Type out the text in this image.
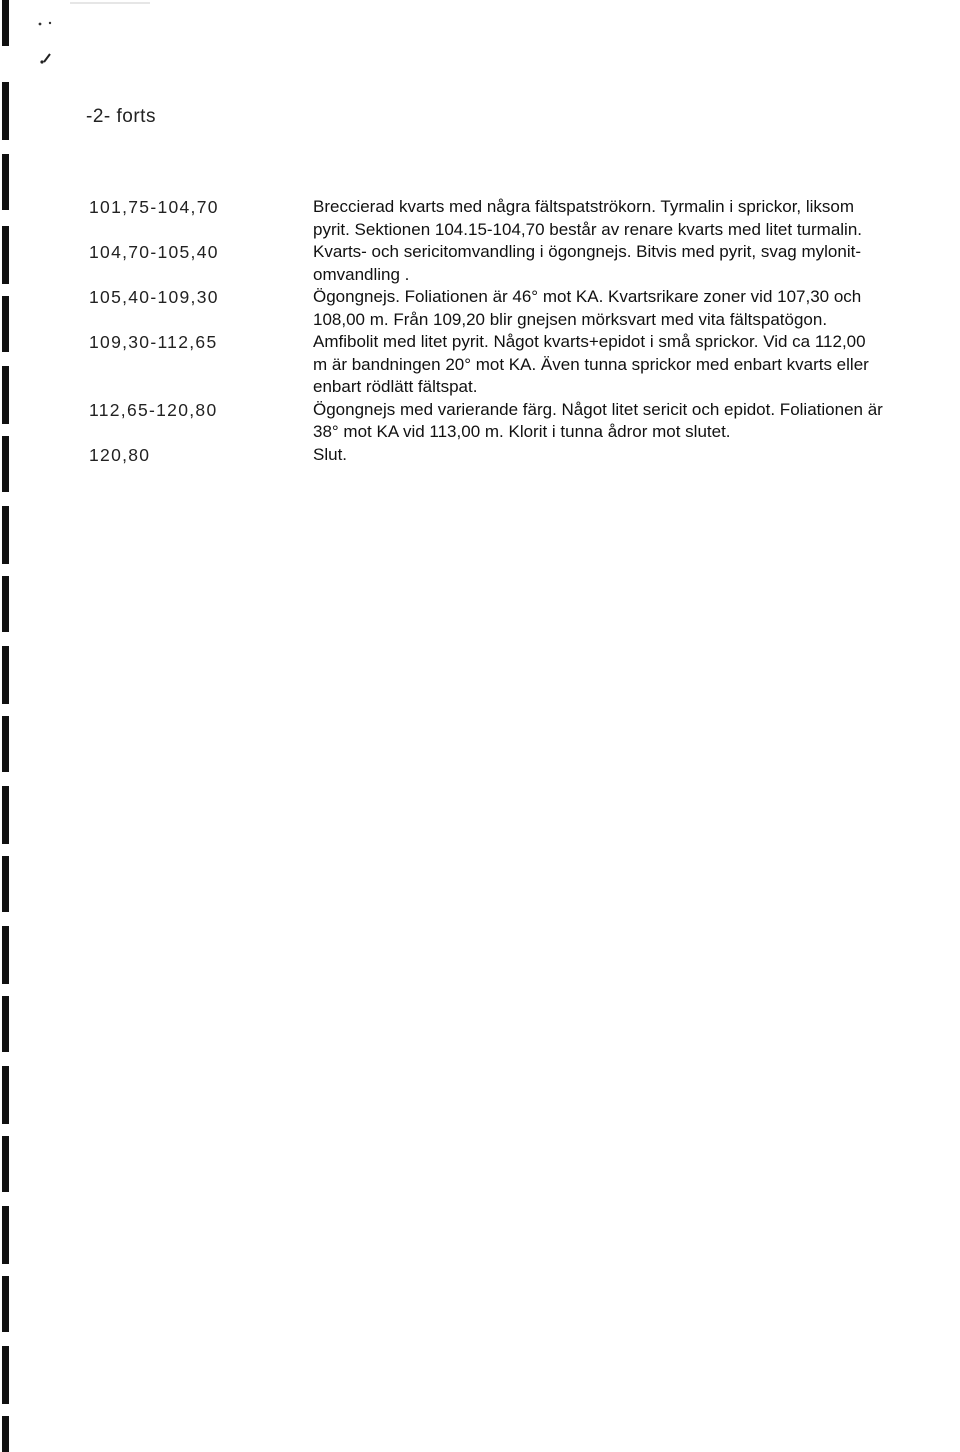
-2- forts
101,75-104,70	Breccierad kvarts med några fältspatströkorn. Tyrmalin i sprickor, liksom
pyrit. Sektionen 104.15-104,70 består av renare kvarts med litet turmalin.
104,70-105,40	Kvarts- och sericitomvandling i ögongnejs. Bitvis med pyrit, svag mylonit-
omvandling .
105,40-109,30	Ögongnejs. Foliationen är 46° mot KA. Kvartsrikare zoner vid 107,30 och
108,00 m. Från 109,20 blir gnejsen mörksvart med vita fältspatögon.
109,30-112,65	Amfibolit med litet pyrit. Något kvarts+epidot i små sprickor. Vid ca 112,00
m är bandningen 20° mot KA. Även tunna sprickor med enbart kvarts eller
enbart rödlätt fältspat.
112,65-120,80	Ögongnejs med varierande färg. Något litet sericit och epidot. Foliationen är
38° mot KA vid 113,00 m. Klorit i tunna ådror mot slutet.
120,80	Slut.
